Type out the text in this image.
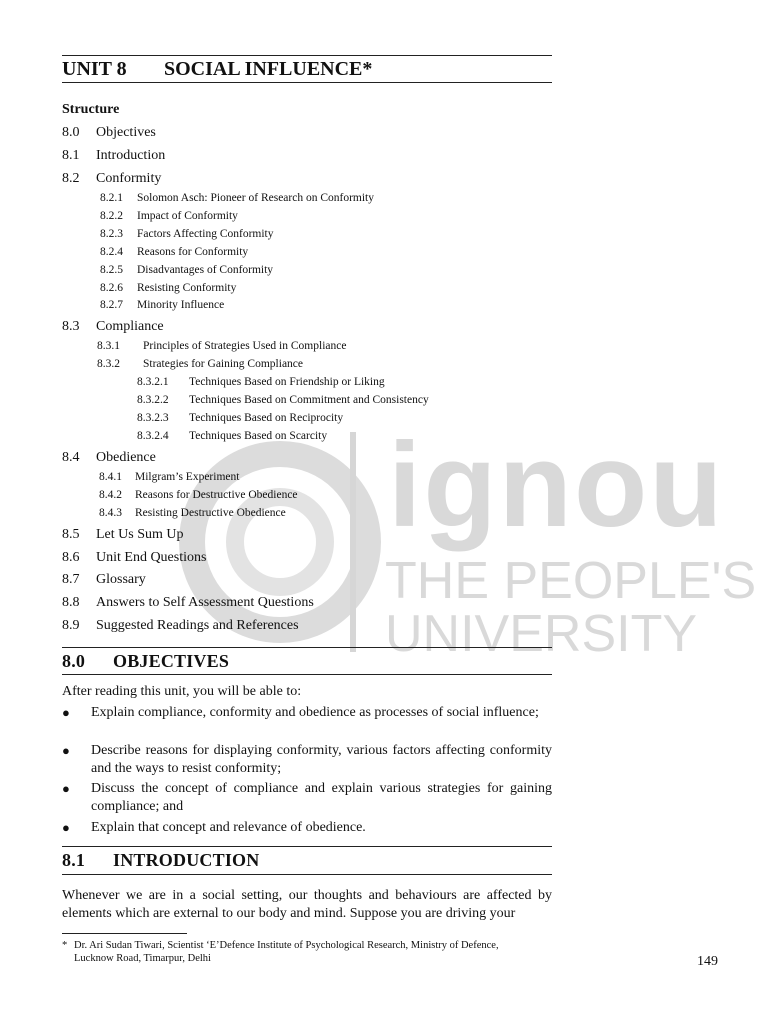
ignou
THE PEOPLE'S
UNIVERSITY
UNIT 8 SOCIAL INFLUENCE*
Structure
8.0 Objectives
8.1 Introduction
8.2 Conformity
8.2.1 Solomon Asch: Pioneer of Research on Conformity
8.2.2 Impact of Conformity
8.2.3 Factors Affecting Conformity
8.2.4 Reasons for Conformity
8.2.5 Disadvantages of Conformity
8.2.6 Resisting Conformity
8.2.7 Minority Influence
8.3 Compliance
8.3.1 Principles of Strategies Used in Compliance
8.3.2 Strategies for Gaining Compliance
8.3.2.1 Techniques Based on Friendship or Liking
8.3.2.2 Techniques Based on Commitment and Consistency
8.3.2.3 Techniques Based on Reciprocity
8.3.2.4 Techniques Based on Scarcity
8.4 Obedience
8.4.1 Milgram’s Experiment
8.4.2 Reasons for Destructive Obedience
8.4.3 Resisting Destructive Obedience
8.5 Let Us Sum Up
8.6 Unit End Questions
8.7 Glossary
8.8 Answers to Self Assessment Questions
8.9 Suggested Readings and References
8.0 OBJECTIVES
After reading this unit, you will be able to:
● Explain compliance, conformity and obedience as processes of social influence;
● Describe reasons for displaying conformity, various factors affecting conformity and the ways to resist conformity;
● Discuss the concept of compliance and explain various strategies for gaining compliance; and
● Explain that concept and relevance of obedience.
8.1 INTRODUCTION
Whenever we are in a social setting, our thoughts and behaviours are affected by elements which are external to our body and mind. Suppose you are driving your
* Dr. Ari Sudan Tiwari, Scientist ‘E’Defence Institute of Psychological Research, Ministry of Defence,
Lucknow Road, Timarpur, Delhi	149
